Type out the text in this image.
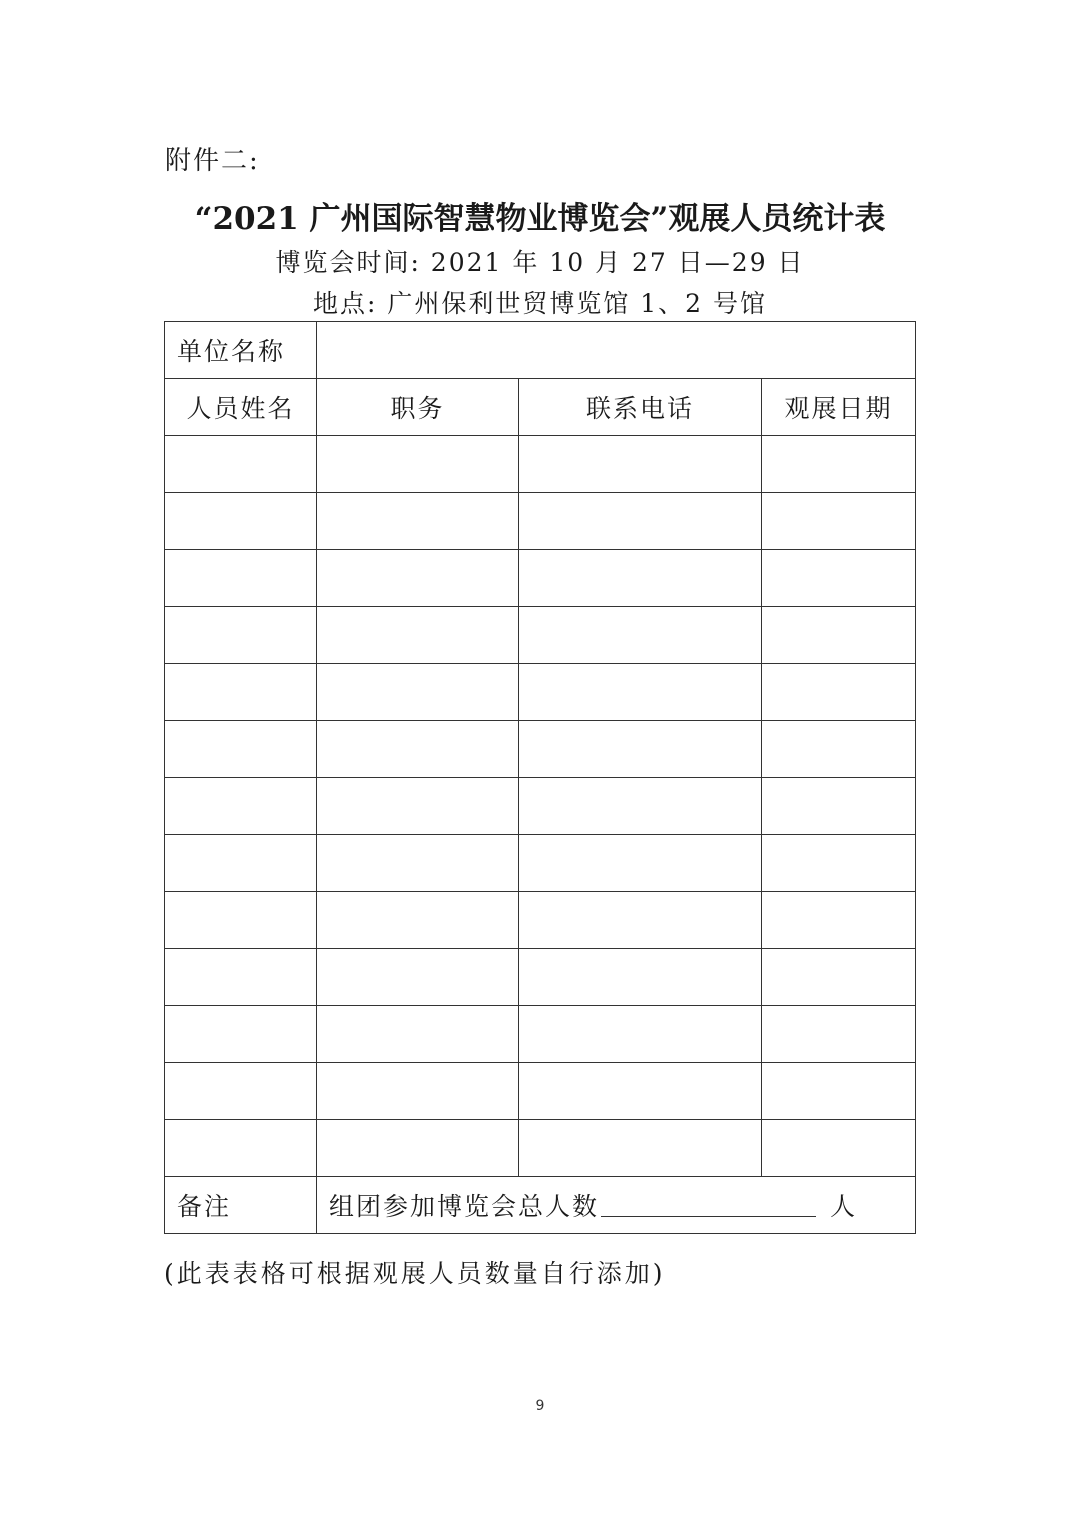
附件二:
“2021 广州国际智慧物业博览会”观展人员统计表
博览会时间: 2021 年 10 月 27 日—29 日
地点: 广州保利世贸博览馆 1、2 号馆
单位名称			
人员姓名	职务	联系电话	观展日期

备注	组团参加博览会总人数 人		
(此表表格可根据观展人员数量自行添加)
9
